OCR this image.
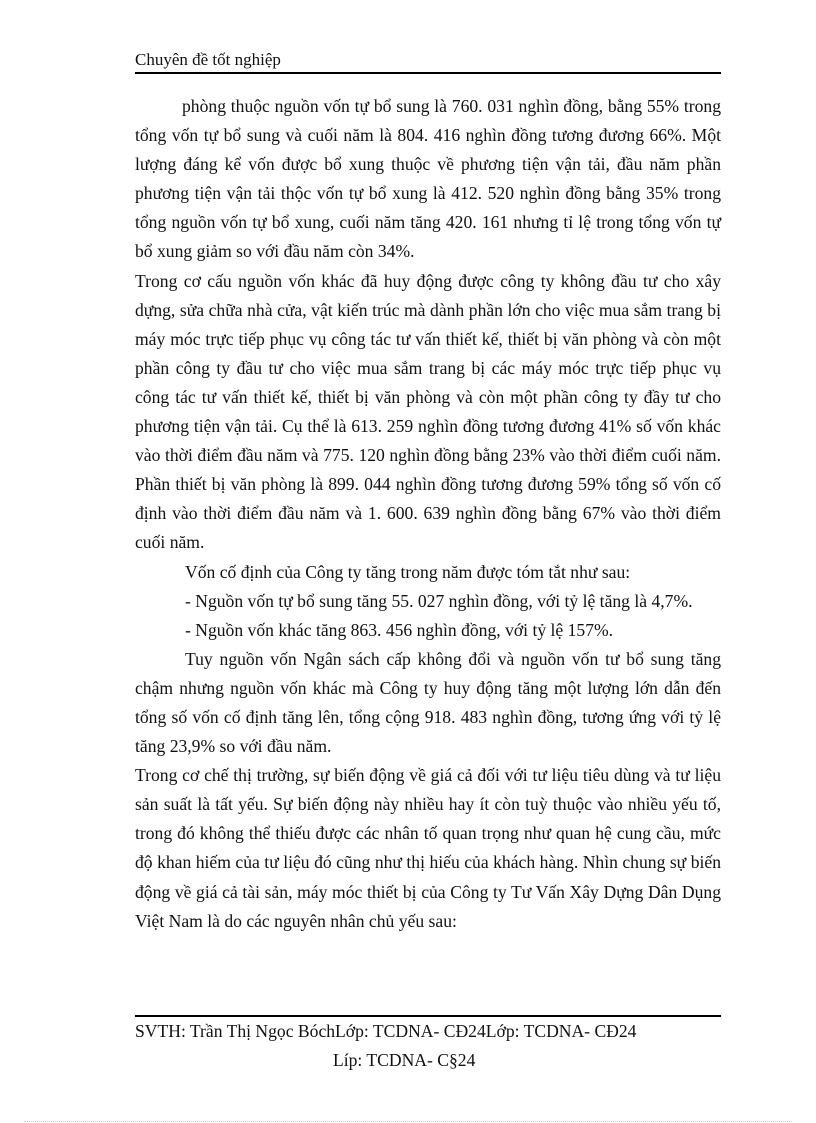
Chuyên đề tốt nghiệp

phòng thuộc nguồn vốn tự bổ sung là 760. 031 nghìn đồng, bằng 55% trong tổng vốn tự bổ sung và cuối năm là 804. 416 nghìn đồng tương đương 66%. Một lượng đáng kể vốn được bổ xung thuộc về phương tiện vận tải, đầu năm phần phương tiện vận tải thộc vốn tự bổ xung là 412. 520 nghìn đồng bằng 35% trong tổng nguồn vốn tự bổ xung, cuối năm tăng 420. 161 nhưng tỉ lệ trong tổng vốn tự bổ xung giảm so với đầu năm còn 34%.

Trong cơ cấu nguồn vốn khác đã huy động được công ty không đầu tư cho xây dựng, sửa chữa nhà cửa, vật kiến trúc mà dành phần lớn cho việc mua sắm trang bị máy móc trực tiếp phục vụ công tác tư vấn thiết kế, thiết bị văn phòng và còn một phần công ty đầu tư cho việc mua sắm trang bị các máy móc trực tiếp phục vụ công tác tư vấn thiết kế, thiết bị văn phòng và còn một phần công ty đầy tư cho phương tiện vận tải. Cụ thể là 613. 259 nghìn đồng tương đương 41% số vốn khác vào thời điểm đầu năm và 775. 120 nghìn đồng bằng 23% vào thời điểm cuối năm. Phần thiết bị văn phòng là 899. 044 nghìn đồng tương đương 59% tổng số vốn cố định vào thời điểm đầu năm và 1. 600. 639 nghìn đồng bằng 67% vào thời điểm cuối năm.

Vốn cố định của Công ty tăng trong năm được tóm tắt như sau:

- Nguồn vốn tự bổ sung tăng 55. 027 nghìn đồng, với tỷ lệ tăng là 4,7%.

- Nguồn vốn khác tăng 863. 456 nghìn đồng, với tỷ lệ 157%.

Tuy nguồn vốn Ngân sách cấp không đổi và nguồn vốn tư bổ sung tăng chậm nhưng nguồn vốn khác mà Công ty huy động tăng một lượng lớn dẫn đến tổng số vốn cố định tăng lên, tổng cộng 918. 483 nghìn đồng, tương ứng với tỷ lệ tăng 23,9% so với đầu năm.

Trong cơ chế thị trường, sự biến động về giá cả đối với tư liệu tiêu dùng và tư liệu sản suất là tất yếu. Sự biến động này nhiều hay ít còn tuỳ thuộc vào nhiều yếu tố, trong đó không thể thiếu được các nhân tố quan trọng như quan hệ cung cầu, mức độ khan hiếm của tư liệu đó cũng như thị hiếu của khách hàng. Nhìn chung sự biến động về giá cả tài sản, máy móc thiết bị của Công ty Tư Vấn Xây Dựng Dân Dụng Việt Nam là do các nguyên nhân chủ yếu sau:

SVTH: Trần Thị Ngọc BóchLớp: TCDNA- CĐ24Lớp: TCDNA- CĐ24
Líp: TCDNA- C§24
